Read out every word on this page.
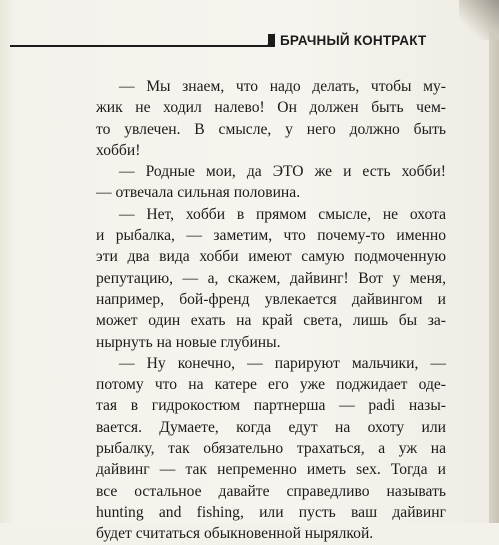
БРАЧНЫЙ КОНТРАКТ
— Мы знаем, что надо делать, чтобы му-
жик не ходил налево! Он должен быть чем-
то увлечен. В смысле, у него должно быть
хобби!
— Родные мои, да ЭТО же и есть хобби!
— отвечала сильная половина.
— Нет, хобби в прямом смысле, не охота
и рыбалка, — заметим, что почему-то именно
эти два вида хобби имеют самую подмоченную
репутацию, — а, скажем, дайвинг! Вот у меня,
например, бой-френд увлекается дайвингом и
может один ехать на край света, лишь бы за-
нырнуть на новые глубины.
— Ну конечно, — парируют мальчики, —
потому что на катере его уже поджидает оде-
тая в гидрокостюм партнерша — padi назы-
вается. Думаете, когда едут на охоту или
рыбалку, так обязательно трахаться, а уж на
дайвинг — так непременно иметь sex. Тогда и
все остальное давайте справедливо называть
hunting and fishing, или пусть ваш дайвинг
будет считаться обыкновенной нырялкой.
